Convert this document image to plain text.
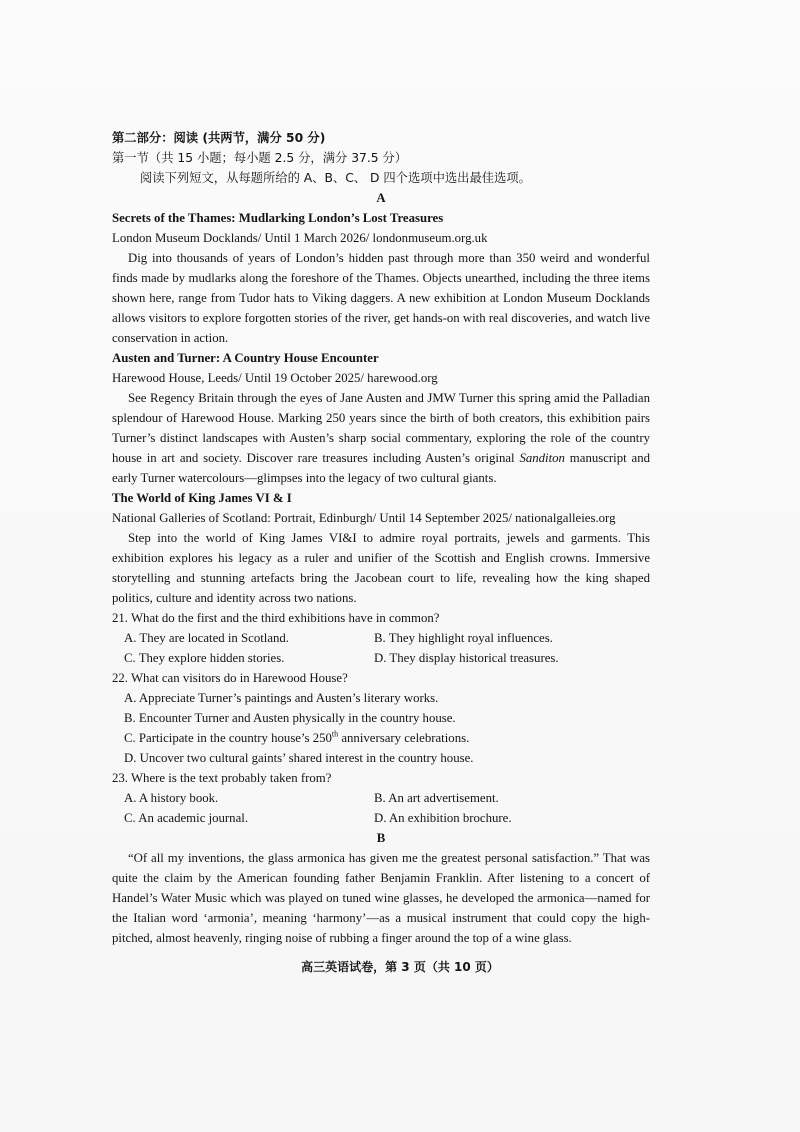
第二部分：阅读 (共两节，满分 50 分)

第一节（共 15 小题；每小题 2.5 分，满分 37.5 分）

阅读下列短文，从每题所给的 A、B、C、 D 四个选项中选出最佳选项。

A

Secrets of the Thames: Mudlarking London’s Lost Treasures

London Museum Docklands/ Until 1 March 2026/ londonmuseum.org.uk

Dig into thousands of years of London’s hidden past through more than 350 weird and wonderful finds made by mudlarks along the foreshore of the Thames. Objects unearthed, including the three items shown here, range from Tudor hats to Viking daggers. A new exhibition at London Museum Docklands allows visitors to explore forgotten stories of the river, get hands-on with real discoveries, and watch live conservation in action.

Austen and Turner: A Country House Encounter

Harewood House, Leeds/ Until 19 October 2025/ harewood.org

See Regency Britain through the eyes of Jane Austen and JMW Turner this spring amid the Palladian splendour of Harewood House. Marking 250 years since the birth of both creators, this exhibition pairs Turner’s distinct landscapes with Austen’s sharp social commentary, exploring the role of the country house in art and society. Discover rare treasures including Austen’s original Sanditon manuscript and early Turner watercolours—glimpses into the legacy of two cultural giants.

The World of King James VI & I

National Galleries of Scotland: Portrait, Edinburgh/ Until 14 September 2025/ nationalgalleies.org

Step into the world of King James VI&I to admire royal portraits, jewels and garments. This exhibition explores his legacy as a ruler and unifier of the Scottish and English crowns. Immersive storytelling and stunning artefacts bring the Jacobean court to life, revealing how the king shaped politics, culture and identity across two nations.

21. What do the first and the third exhibitions have in common?

A. They are located in Scotland.	B. They highlight royal influences.
C. They explore hidden stories.	D. They display historical treasures.

22. What can visitors do in Harewood House?

A. Appreciate Turner’s paintings and Austen’s literary works.
B. Encounter Turner and Austen physically in the country house.
C. Participate in the country house’s 250th anniversary celebrations.
D. Uncover two cultural gaints’ shared interest in the country house.

23. Where is the text probably taken from?

A. A history book.	B. An art advertisement.
C. An academic journal.	D. An exhibition brochure.

B

“Of all my inventions, the glass armonica has given me the greatest personal satisfaction.” That was quite the claim by the American founding father Benjamin Franklin. After listening to a concert of Handel’s Water Music which was played on tuned wine glasses, he developed the armonica—named for the Italian word ‘armonia’, meaning ‘harmony’—as a musical instrument that could copy the high-pitched, almost heavenly, ringing noise of rubbing a finger around the top of a wine glass.

高三英语试卷，第 3 页（共 10 页）
